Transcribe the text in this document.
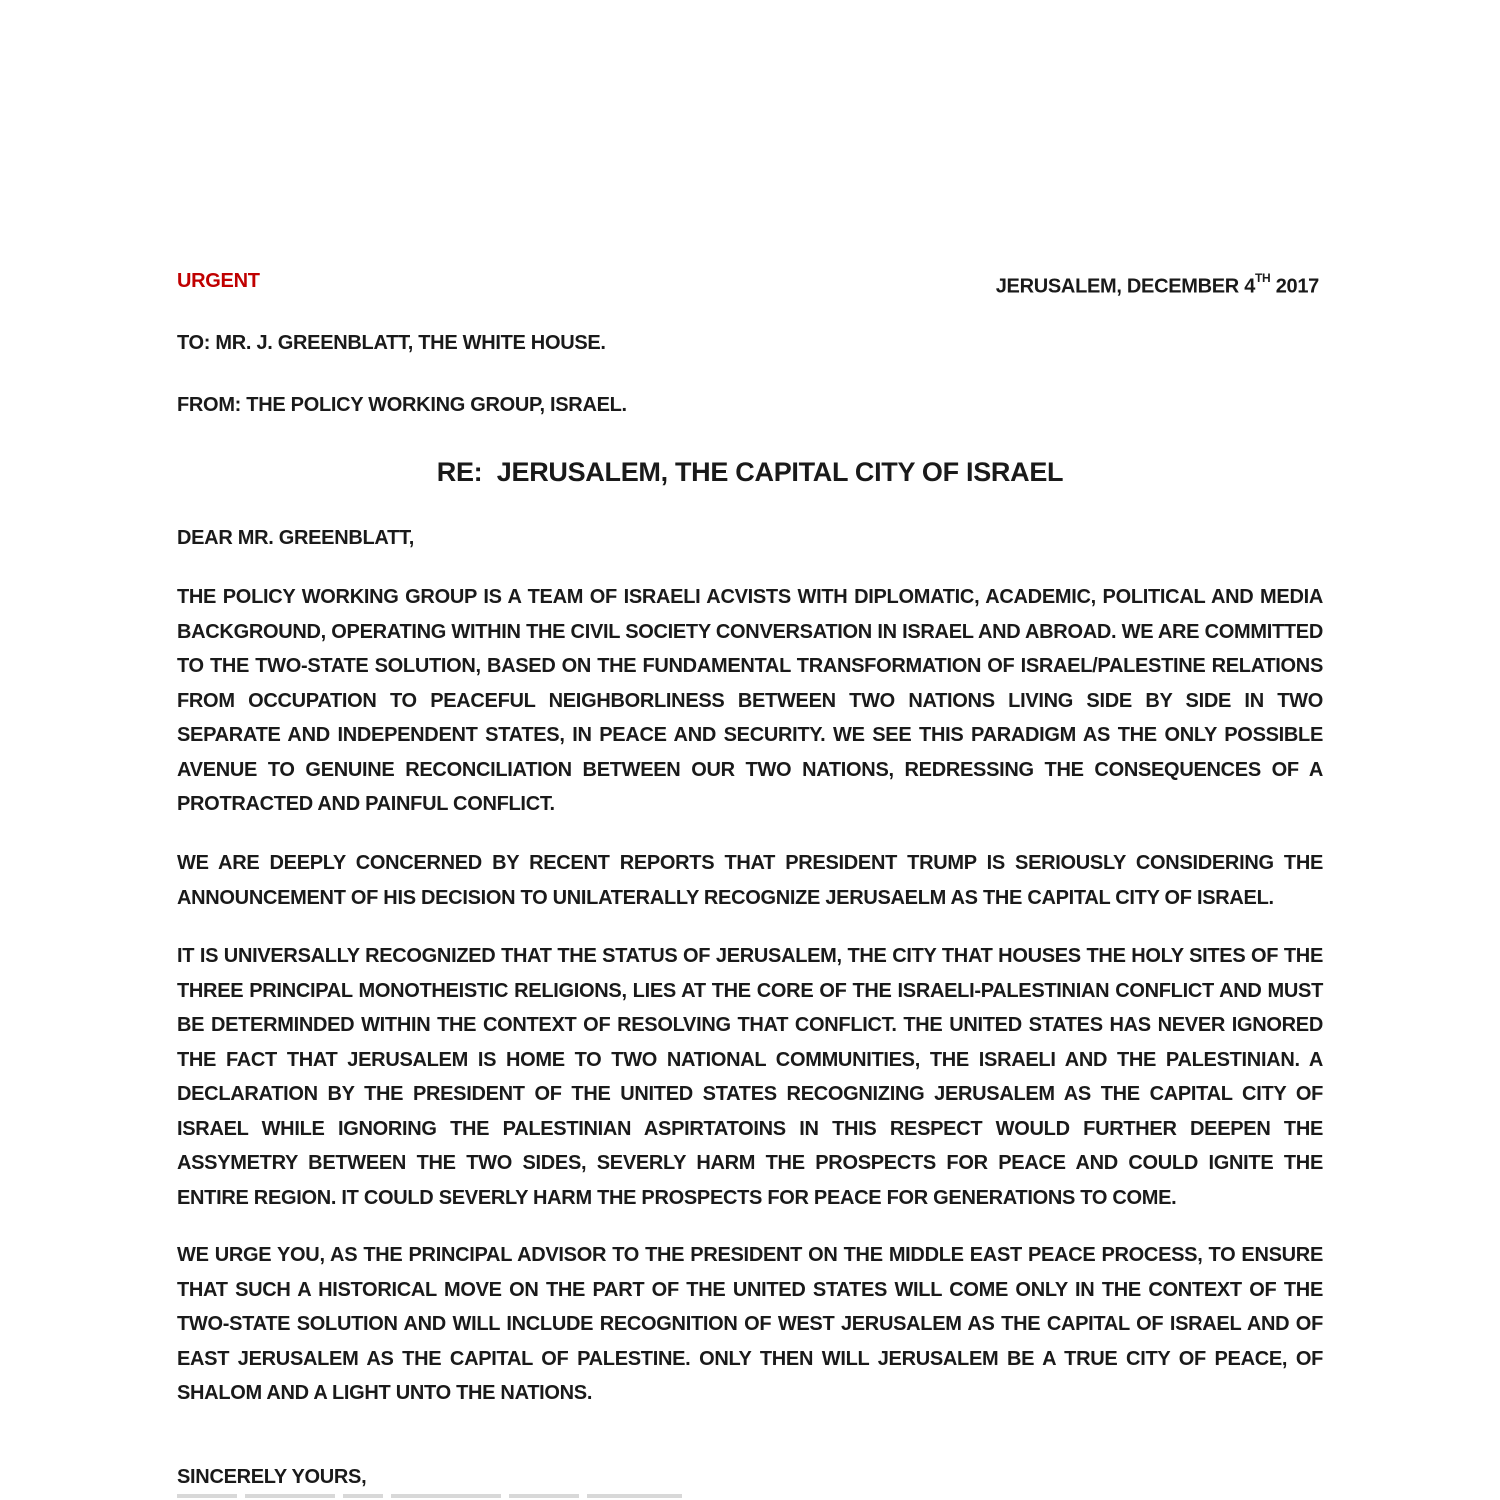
URGENT	JERUSALEM, DECEMBER 4TH 2017
TO: MR. J. GREENBLATT, THE WHITE HOUSE.
FROM: THE POLICY WORKING GROUP, ISRAEL.
RE:  JERUSALEM, THE CAPITAL CITY OF ISRAEL
DEAR MR. GREENBLATT,

THE POLICY WORKING GROUP IS A TEAM OF ISRAELI ACVISTS WITH DIPLOMATIC, ACADEMIC, POLITICAL AND MEDIA BACKGROUND, OPERATING WITHIN THE CIVIL SOCIETY CONVERSATION IN ISRAEL AND ABROAD. WE ARE COMMITTED TO THE TWO-STATE SOLUTION, BASED ON THE FUNDAMENTAL TRANSFORMATION OF ISRAEL/PALESTINE RELATIONS FROM OCCUPATION TO PEACEFUL NEIGHBORLINESS BETWEEN TWO NATIONS LIVING SIDE BY SIDE IN TWO SEPARATE AND INDEPENDENT STATES, IN PEACE AND SECURITY. WE SEE THIS PARADIGM AS THE ONLY POSSIBLE AVENUE TO GENUINE RECONCILIATION BETWEEN OUR TWO NATIONS, REDRESSING THE CONSEQUENCES OF A PROTRACTED AND PAINFUL CONFLICT.

WE ARE DEEPLY CONCERNED BY RECENT REPORTS THAT PRESIDENT TRUMP IS SERIOUSLY CONSIDERING THE ANNOUNCEMENT OF HIS DECISION TO UNILATERALLY RECOGNIZE JERUSAELM AS THE CAPITAL CITY OF ISRAEL.

IT IS UNIVERSALLY RECOGNIZED THAT THE STATUS OF JERUSALEM, THE CITY THAT HOUSES THE HOLY SITES OF THE THREE PRINCIPAL MONOTHEISTIC RELIGIONS, LIES AT THE CORE OF THE ISRAELI-PALESTINIAN CONFLICT AND MUST BE DETERMINDED WITHIN THE CONTEXT OF RESOLVING THAT CONFLICT. THE UNITED STATES HAS NEVER IGNORED THE FACT THAT JERUSALEM IS HOME TO TWO NATIONAL COMMUNITIES, THE ISRAELI AND THE PALESTINIAN. A DECLARATION BY THE PRESIDENT OF THE UNITED STATES RECOGNIZING JERUSALEM AS THE CAPITAL CITY OF ISRAEL WHILE IGNORING THE PALESTINIAN ASPIRTATOINS IN THIS RESPECT WOULD FURTHER DEEPEN THE ASSYMETRY BETWEEN THE TWO SIDES, SEVERLY HARM THE PROSPECTS FOR PEACE AND COULD IGNITE THE ENTIRE REGION. IT COULD SEVERLY HARM THE PROSPECTS FOR PEACE FOR GENERATIONS TO COME.

WE URGE YOU, AS THE PRINCIPAL ADVISOR TO THE PRESIDENT ON THE MIDDLE EAST PEACE PROCESS, TO ENSURE THAT SUCH A HISTORICAL MOVE ON THE PART OF THE UNITED STATES WILL COME ONLY IN THE CONTEXT OF THE TWO-STATE SOLUTION AND WILL INCLUDE RECOGNITION OF WEST JERUSALEM AS THE CAPITAL OF ISRAEL AND OF EAST JERUSALEM AS THE CAPITAL OF PALESTINE. ONLY THEN WILL JERUSALEM BE A TRUE CITY OF PEACE, OF SHALOM AND A LIGHT UNTO THE NATIONS.

SINCERELY YOURS,
